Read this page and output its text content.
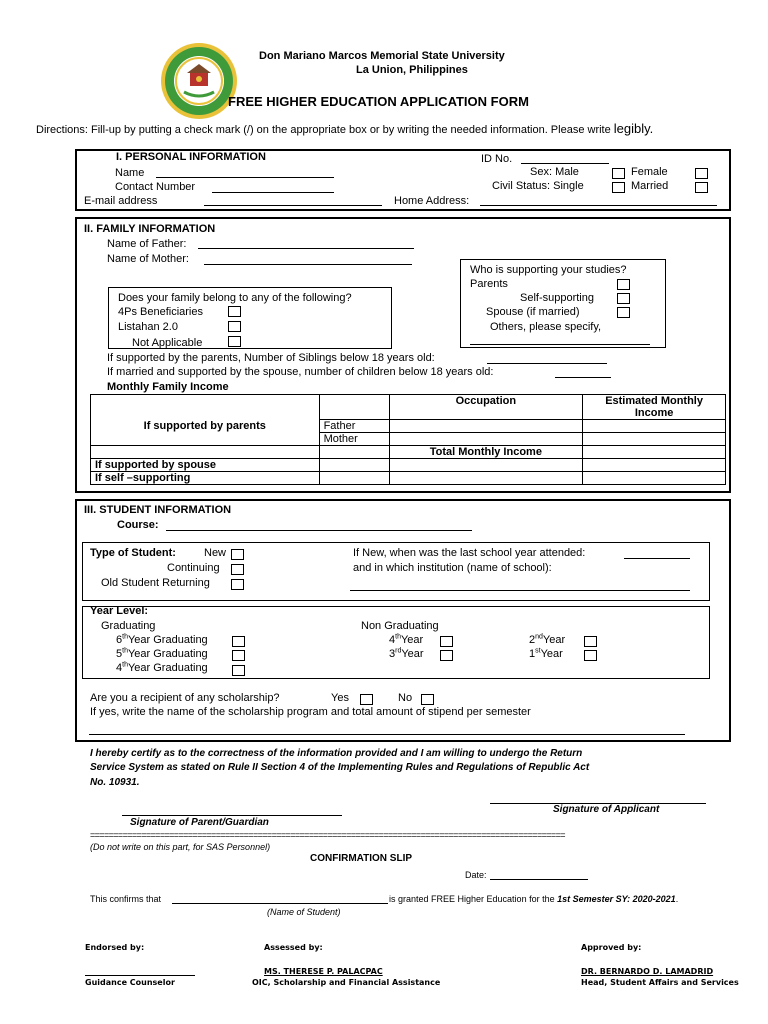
Don Mariano Marcos Memorial State University
La Union, Philippines
FREE HIGHER EDUCATION APPLICATION FORM
Directions: Fill-up by putting a check mark (/) on the appropriate box or by writing the needed information. Please write legibly.
I. PERSONAL INFORMATION
Name
Contact Number
E-mail address
ID No.
Sex: Male	Female
Civil Status: Single	Married
Home Address:
II. FAMILY INFORMATION
Name of Father:
Name of Mother:
Does your family belong to any of the following?
4Ps Beneficiaries
Listahan 2.0
Not Applicable
Who is supporting your studies?
Parents
Self-supporting
Spouse (if married)
Others, please specify,
If supported by the parents, Number of Siblings below 18 years old:
If married and supported by the spouse, number of children below 18 years old:
Monthly Family Income
		Occupation	Estimated Monthly
Income

If supported by parents	Father		
	Mother		
		Total Monthly Income	
If supported by spouse			
If self –supporting			
III. STUDENT INFORMATION
Course:
Type of Student:	New
Continuing
Old Student Returning
If New, when was the last school year attended:
and in which institution (name of school):
Year Level:
Graduating
6thYear Graduating
5thYear Graduating
4thYear Graduating
Non Graduating
4thYear
3rdYear
2ndYear
1stYear
Are you a recipient of any scholarship?	Yes	No
If yes, write the name of the scholarship program and total amount of stipend per semester
I hereby certify as to the correctness of the information provided and I am willing to undergo the Return
Service System as stated on Rule II Section 4 of the Implementing Rules and Regulations of Republic Act
No. 10931.
Signature of Applicant
Signature of Parent/Guardian
======================================================================================================
(Do not write on this part, for SAS Personnel)
CONFIRMATION SLIP
Date:
This confirms that	is granted FREE Higher Education for the 1st Semester SY: 2020-2021.
(Name of Student)
Endorsed by:	Assessed by:	Approved by:
MS. THERESE P. PALACPAC	DR. BERNARDO D. LAMADRID
Guidance Counselor	OIC, Scholarship and Financial Assistance	Head, Student Affairs and Services
